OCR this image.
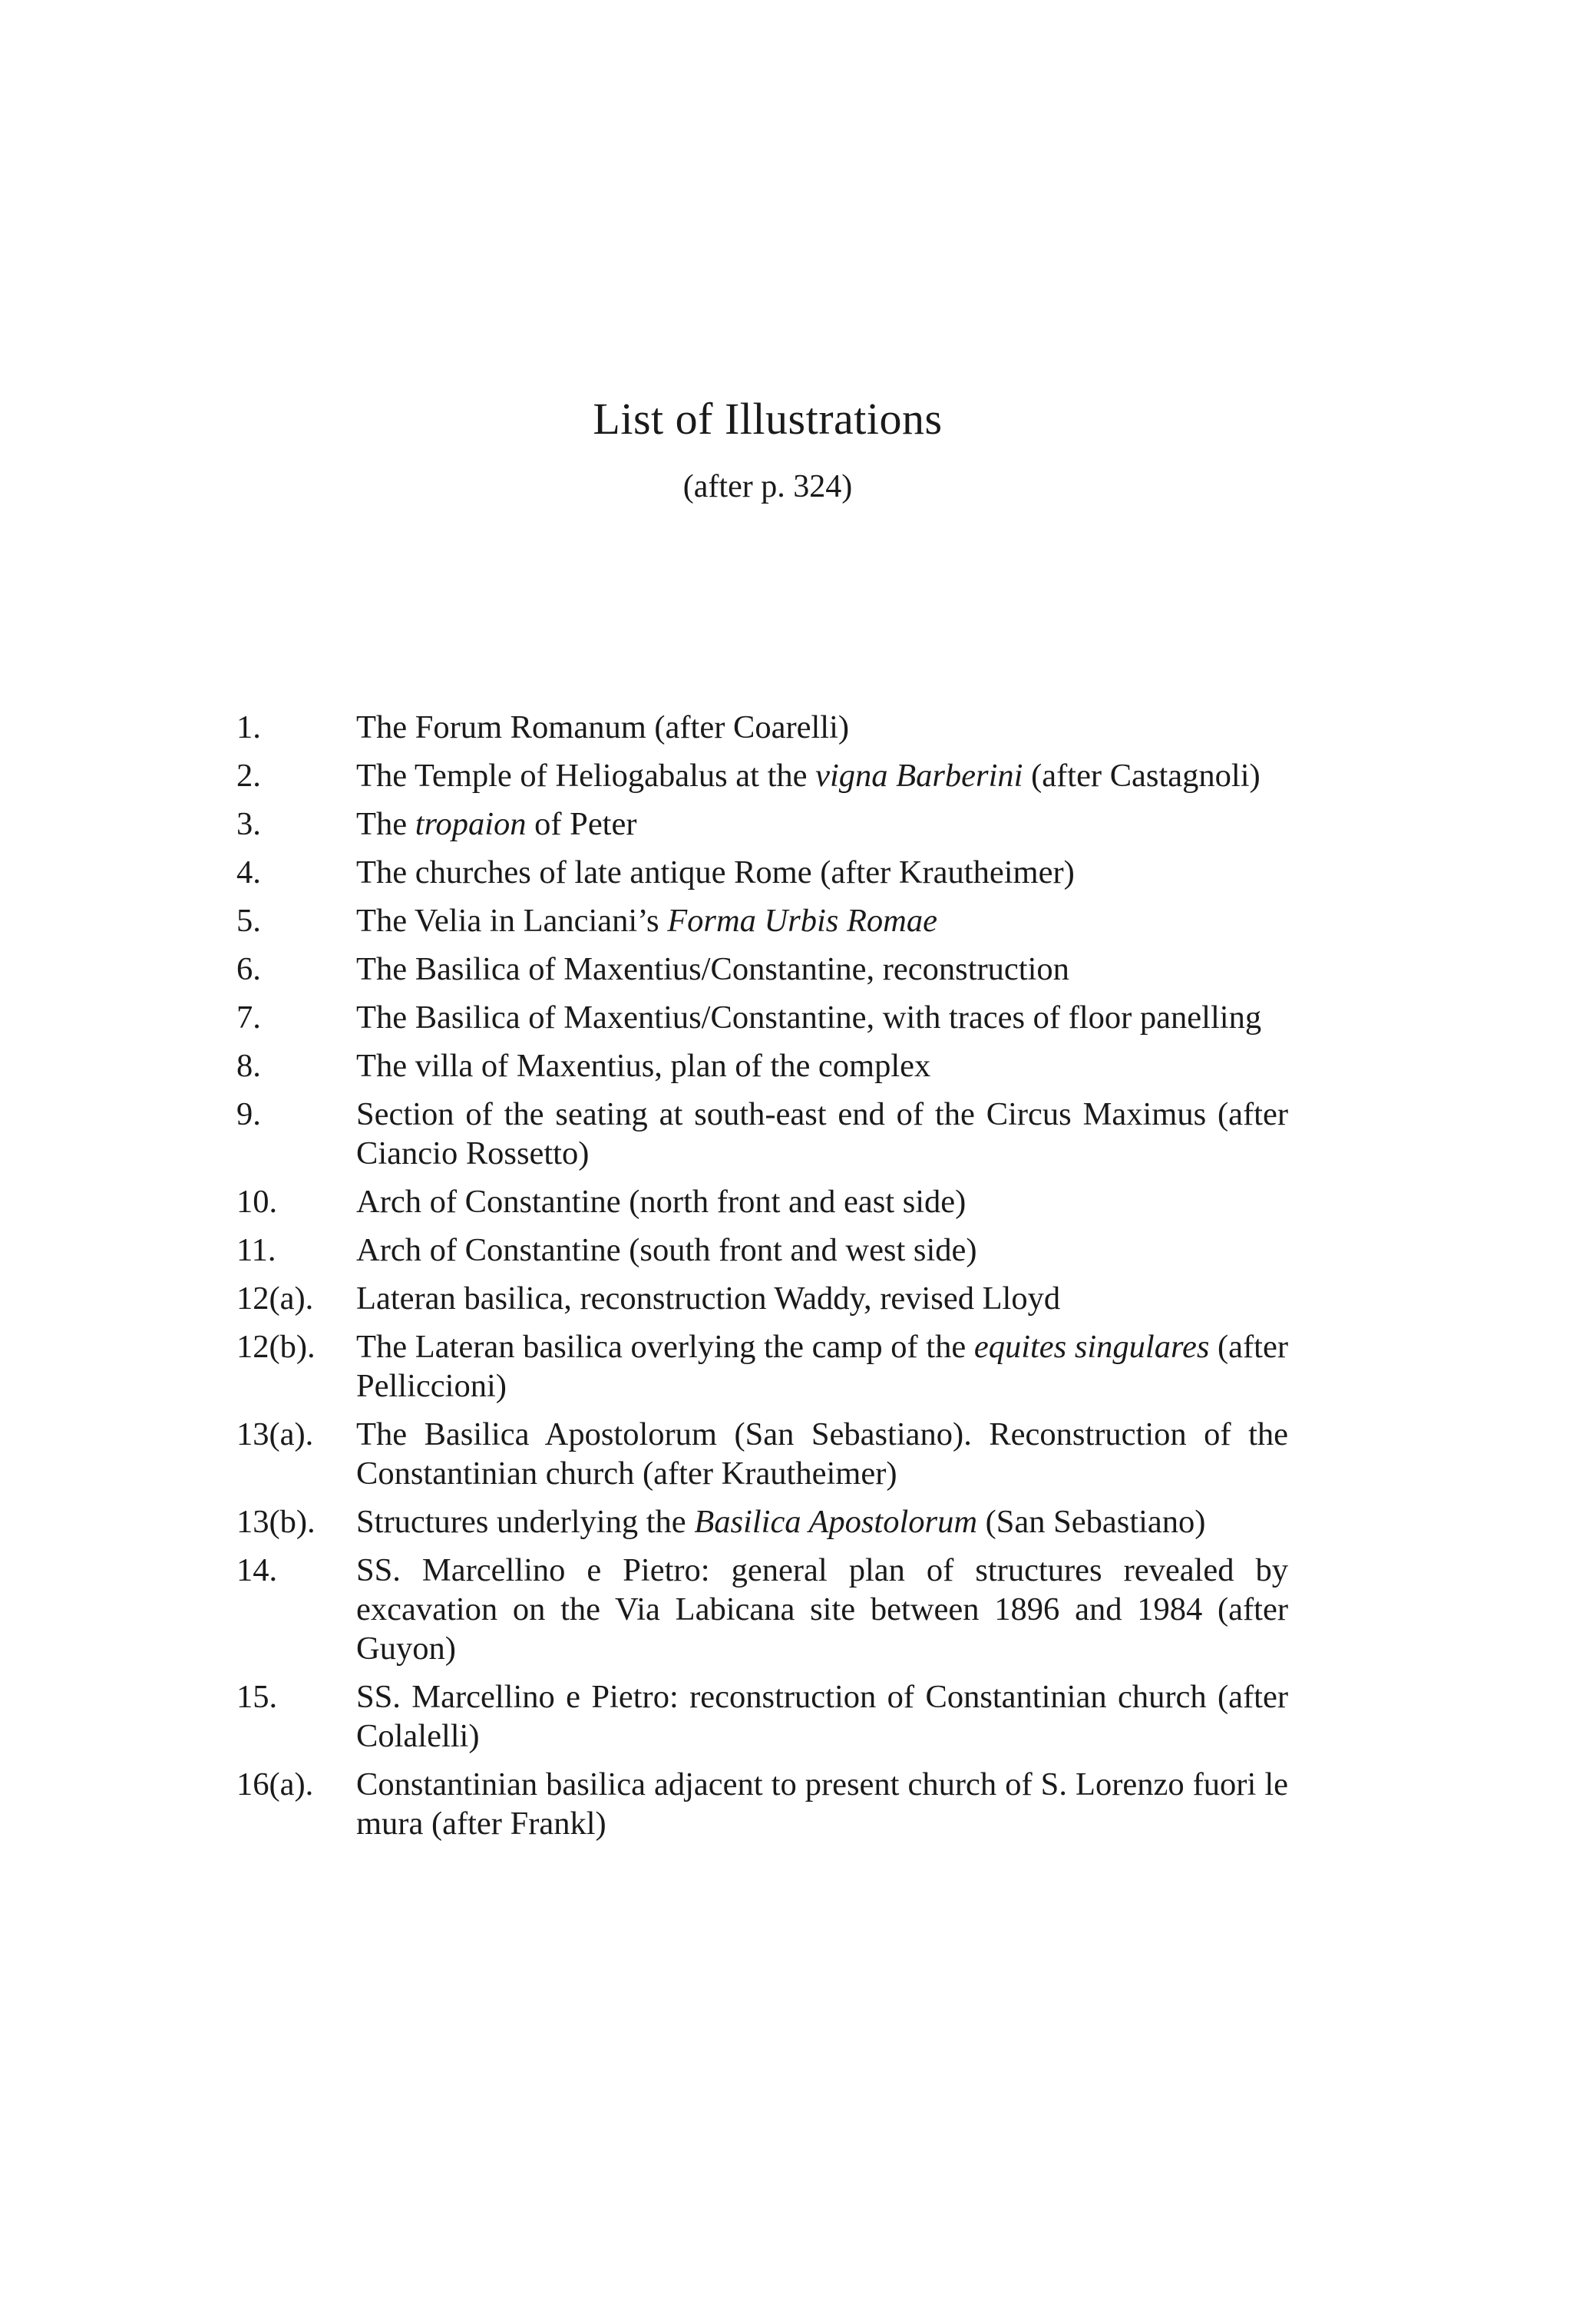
List of Illustrations
(after p. 324)
1.	The Forum Romanum (after Coarelli)
2.	The Temple of Heliogabalus at the vigna Barberini (after Castagnoli)
3.	The tropaion of Peter
4.	The churches of late antique Rome (after Krautheimer)
5.	The Velia in Lanciani’s Forma Urbis Romae
6.	The Basilica of Maxentius/Constantine, reconstruction
7.	The Basilica of Maxentius/Constantine, with traces of floor panelling
8.	The villa of Maxentius, plan of the complex
9.	Section of the seating at south-east end of the Circus Maximus (after Ciancio Rossetto)
10.	Arch of Constantine (north front and east side)
11.	Arch of Constantine (south front and west side)
12(a).	Lateran basilica, reconstruction Waddy, revised Lloyd
12(b).	The Lateran basilica overlying the camp of the equites singulares (after Pelliccioni)
13(a).	The Basilica Apostolorum (San Sebastiano). Reconstruction of the Constantinian church (after Krautheimer)
13(b).	Structures underlying the Basilica Apostolorum (San Sebastiano)
14.	SS. Marcellino e Pietro: general plan of structures revealed by excavation on the Via Labicana site between 1896 and 1984 (after Guyon)
15.	SS. Marcellino e Pietro: reconstruction of Constantinian church (after Colalelli)
16(a).	Constantinian basilica adjacent to present church of S. Lorenzo fuori le mura (after Frankl)
